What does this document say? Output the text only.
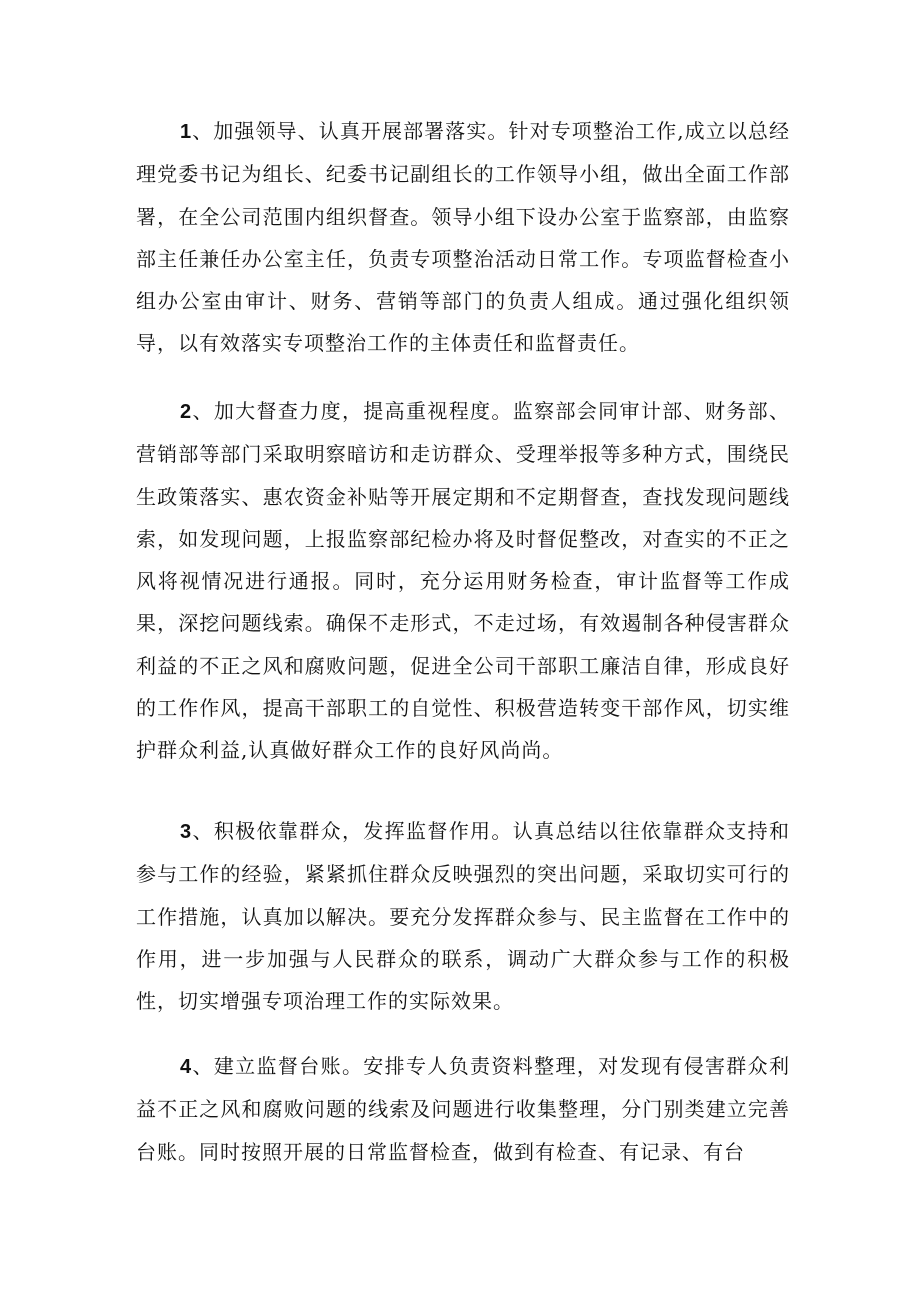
1、加强领导、认真开展部署落实。针对专项整治工作,成立以总经理党委书记为组长、纪委书记副组长的工作领导小组，做出全面工作部署，在全公司范围内组织督查。领导小组下设办公室于监察部，由监察部主任兼任办公室主任，负责专项整治活动日常工作。专项监督检查小组办公室由审计、财务、营销等部门的负责人组成。通过强化组织领导，以有效落实专项整治工作的主体责任和监督责任。

2、加大督查力度，提高重视程度。监察部会同审计部、财务部、营销部等部门采取明察暗访和走访群众、受理举报等多种方式，围绕民生政策落实、惠农资金补贴等开展定期和不定期督查，查找发现问题线索，如发现问题，上报监察部纪检办将及时督促整改，对查实的不正之风将视情况进行通报。同时，充分运用财务检查，审计监督等工作成果，深挖问题线索。确保不走形式，不走过场，有效遏制各种侵害群众利益的不正之风和腐败问题，促进全公司干部职工廉洁自律，形成良好的工作作风，提高干部职工的自觉性、积极营造转变干部作风，切实维护群众利益,认真做好群众工作的良好风尚尚。

3、积极依靠群众，发挥监督作用。认真总结以往依靠群众支持和参与工作的经验，紧紧抓住群众反映强烈的突出问题，采取切实可行的工作措施，认真加以解决。要充分发挥群众参与、民主监督在工作中的作用，进一步加强与人民群众的联系，调动广大群众参与工作的积极性，切实增强专项治理工作的实际效果。

4、建立监督台账。安排专人负责资料整理，对发现有侵害群众利益不正之风和腐败问题的线索及问题进行收集整理，分门别类建立完善台账。同时按照开展的日常监督检查，做到有检查、有记录、有台
